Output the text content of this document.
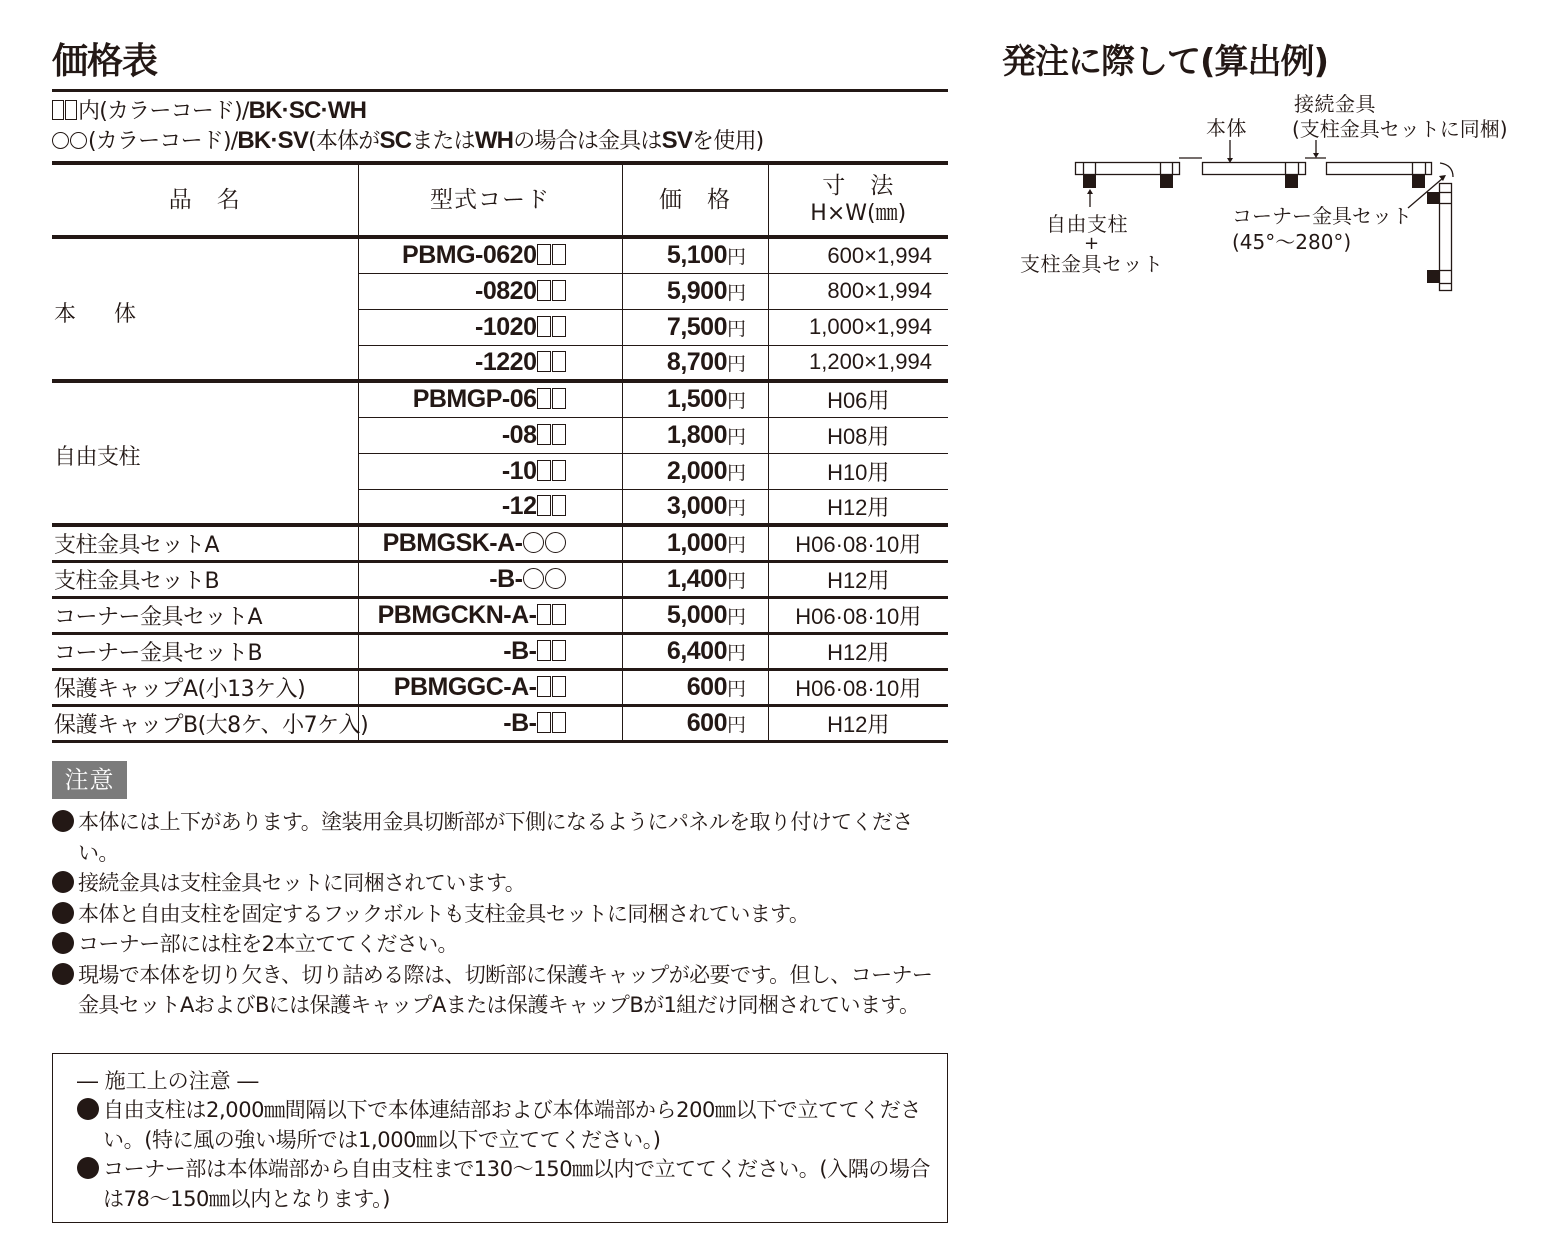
価格表
内(カラーコード)/BK·SC·WH
(カラーコード)/BK·SV(本体がSCまたはWHの場合は金具はSVを使用)
品　名	型式コード	価　格	寸　法
H×W(㎜)

本　体	PBMG-0620	5,100円	600×1,994
	-0820	5,900円	800×1,994
	-1020	7,500円	1,000×1,994
	-1220	8,700円	1,200×1,994
自由支柱	PBMGP-06	1,500円	H06用
	-08	1,800円	H08用
	-10	2,000円	H10用
	-12	3,000円	H12用
支柱金具セットA	PBMGSK-A-	1,000円	H06·08·10用
支柱金具セットB	-B-	1,400円	H12用
コーナー金具セットA	PBMGCKN-A-	5,000円	H06·08·10用
コーナー金具セットB	-B-	6,400円	H12用
保護キャップA(小13ケ入)	PBMGGC-A-	600円	H06·08·10用
保護キャップB(大8ケ、小7ケ入)	-B-	600円	H12用
注意
本体には上下があります。塗装用金具切断部が下側になるようにパネルを取り付けてください。
接続金具は支柱金具セットに同梱されています。
本体と自由支柱を固定するフックボルトも支柱金具セットに同梱されています。
コーナー部には柱を2本立ててください。
現場で本体を切り欠き、切り詰める際は、切断部に保護キャップが必要です。但し、コーナー金具セットAおよびBには保護キャップAまたは保護キャップBが1組だけ同梱されています。
― 施工上の注意 ―
自由支柱は2,000㎜間隔以下で本体連結部および本体端部から200㎜以下で立ててください。(特に風の強い場所では1,000㎜以下で立ててください。)
コーナー部は本体端部から自由支柱まで130～150㎜以内で立ててください。(入隅の場合は78～150㎜以内となります。)
発注に際して(算出例)
本体
接続金具
(支柱金具セットに同梱)
自由支柱
+
支柱金具セット
コーナー金具セット
(45°～280°)
